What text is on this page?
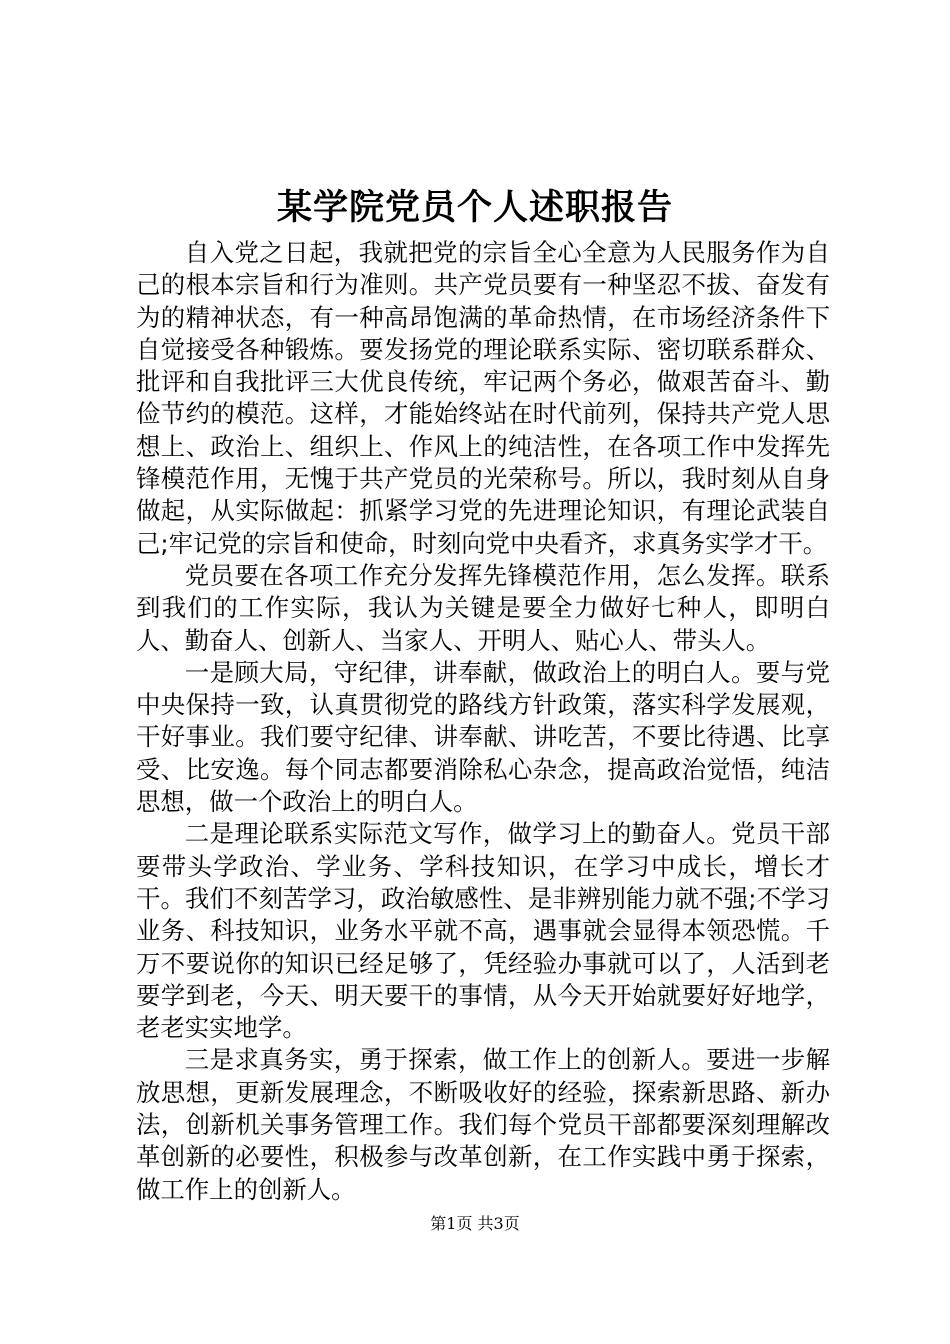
某学院党员个人述职报告

自入党之日起，我就把党的宗旨全心全意为人民服务作为自己的根本宗旨和行为准则。共产党员要有一种坚忍不拔、奋发有为的精神状态，有一种高昂饱满的革命热情，在市场经济条件下自觉接受各种锻炼。要发扬党的理论联系实际、密切联系群众、批评和自我批评三大优良传统，牢记两个务必，做艰苦奋斗、勤俭节约的模范。这样，才能始终站在时代前列，保持共产党人思想上、政治上、组织上、作风上的纯洁性，在各项工作中发挥先锋模范作用，无愧于共产党员的光荣称号。所以，我时刻从自身做起，从实际做起：抓紧学习党的先进理论知识，有理论武装自己;牢记党的宗旨和使命，时刻向党中央看齐，求真务实学才干。

党员要在各项工作充分发挥先锋模范作用，怎么发挥。联系到我们的工作实际，我认为关键是要全力做好七种人，即明白人、勤奋人、创新人、当家人、开明人、贴心人、带头人。

一是顾大局，守纪律，讲奉献，做政治上的明白人。要与党中央保持一致，认真贯彻党的路线方针政策，落实科学发展观，干好事业。我们要守纪律、讲奉献、讲吃苦，不要比待遇、比享受、比安逸。每个同志都要消除私心杂念，提高政治觉悟，纯洁思想，做一个政治上的明白人。

二是理论联系实际范文写作，做学习上的勤奋人。党员干部要带头学政治、学业务、学科技知识，在学习中成长，增长才干。我们不刻苦学习，政治敏感性、是非辨别能力就不强;不学习业务、科技知识，业务水平就不高，遇事就会显得本领恐慌。千万不要说你的知识已经足够了，凭经验办事就可以了，人活到老要学到老，今天、明天要干的事情，从今天开始就要好好地学，老老实实地学。

三是求真务实，勇于探索，做工作上的创新人。要进一步解放思想，更新发展理念，不断吸收好的经验，探索新思路、新办法，创新机关事务管理工作。我们每个党员干部都要深刻理解改革创新的必要性，积极参与改革创新，在工作实践中勇于探索，做工作上的创新人。

第1页 共3页
